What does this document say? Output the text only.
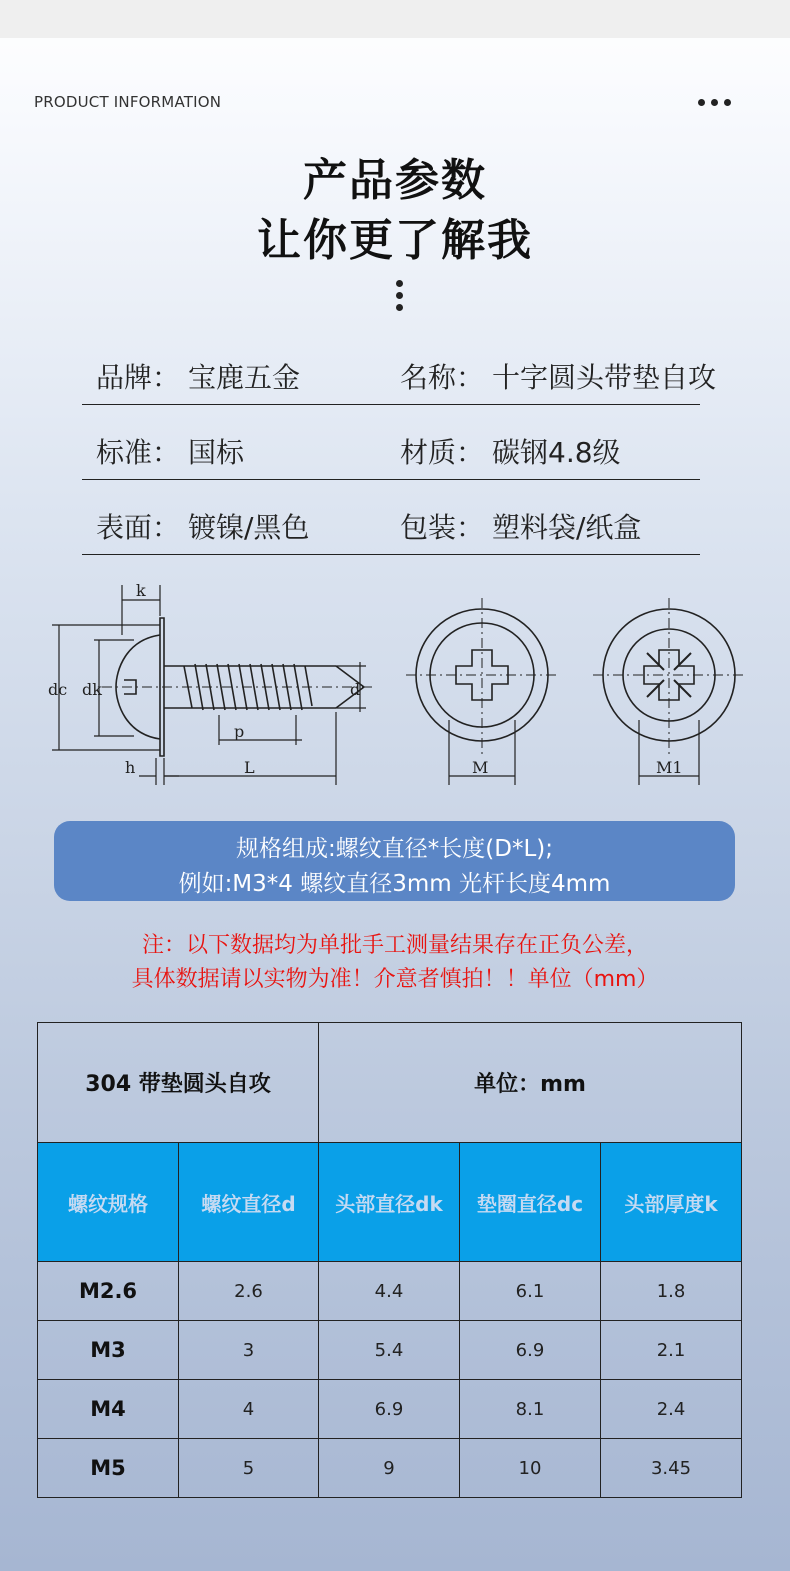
PRODUCT INFORMATION
产品参数
让你更了解我
品牌： 宝鹿五金	名称： 十字圆头带垫自攻
标准： 国标	材质： 碳钢4.8级
表面： 镀镍/黑色	包装： 塑料袋/纸盒
k
dc dk	d
p
h	L	M	M1
规格组成:螺纹直径*长度(D*L);
例如:M3*4 螺纹直径3mm 光杆长度4mm
注：以下数据均为单批手工测量结果存在正负公差，
具体数据请以实物为准！介意者慎拍！！单位（mm）
304 带垫圆头自攻		单位：mm		
螺纹规格	螺纹直径d	头部直径dk	垫圈直径dc	头部厚度k
M2.6	2.6	4.4	6.1	1.8
M3	3	5.4	6.9	2.1
M4	4	6.9	8.1	2.4
M5	5	9	10	3.45
